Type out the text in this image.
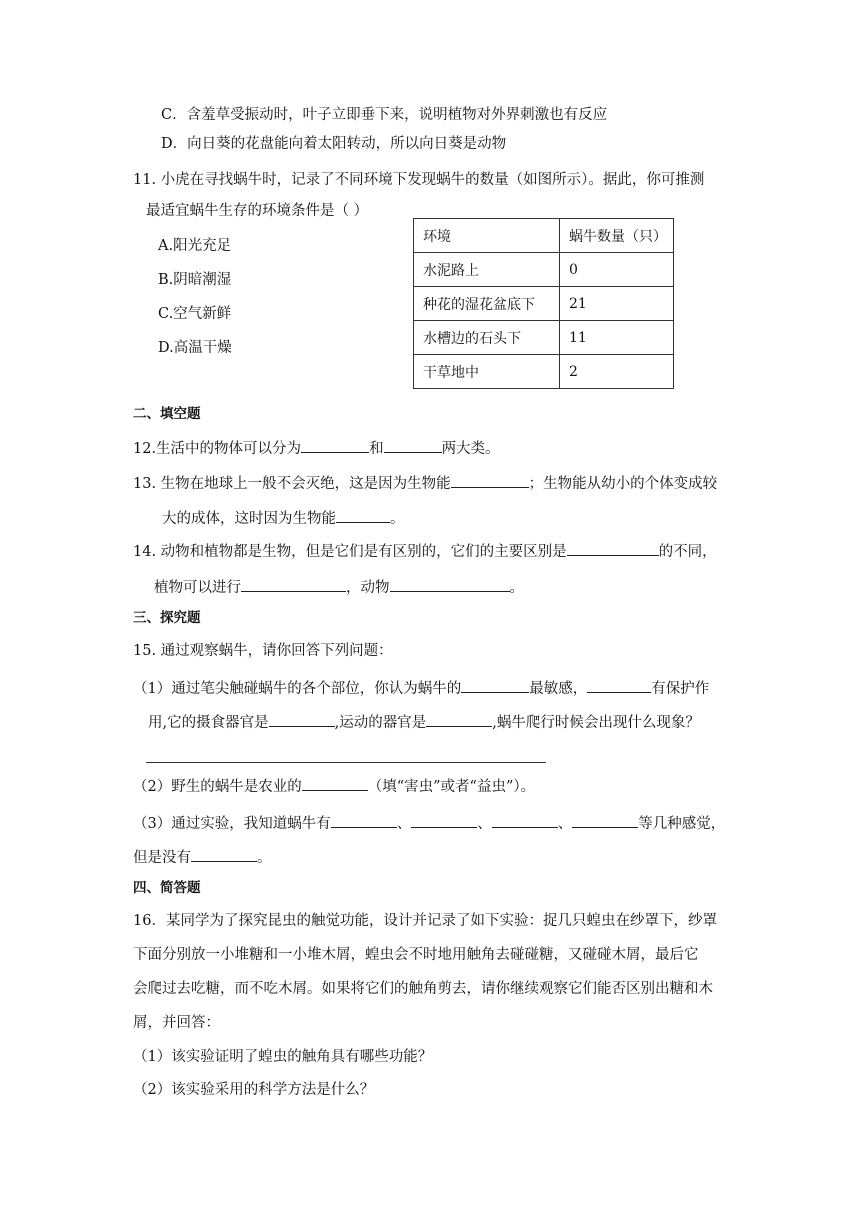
C．含羞草受振动时，叶子立即垂下来，说明植物对外界刺激也有反应
D．向日葵的花盘能向着太阳转动，所以向日葵是动物
11. 小虎在寻找蜗牛时，记录了不同环境下发现蜗牛的数量（如图所示）。据此，你可推测
最适宜蜗牛生存的环境条件是（ ）
A.阳光充足
B.阴暗潮湿
C.空气新鲜
D.高温干燥
环境	蜗牛数量（只）
水泥路上	0
种花的湿花盆底下	21
水槽边的石头下	11
干草地中	2
二、填空题
12.生活中的物体可以分为	和	两大类。
13. 生物在地球上一般不会灭绝，这是因为生物能	；生物能从幼小的个体变成较
大的成体，这时因为生物能	。
14. 动物和植物都是生物，但是它们是有区别的，它们的主要区别是	的不同，
植物可以进行	，动物	。
三、探究题
15. 通过观察蜗牛，请你回答下列问题：
（1）通过笔尖触碰蜗牛的各个部位，你认为蜗牛的	最敏感，	有保护作
用,它的摄食器官是	,运动的器官是	,蜗牛爬行时候会出现什么现象？
（2）野生的蜗牛是农业的	（填“害虫”或者“益虫”）。
（3）通过实验，我知道蜗牛有	、	、	、	等几种感觉，
但是没有	。
四、简答题
16．某同学为了探究昆虫的触觉功能，设计并记录了如下实验：捉几只蝗虫在纱罩下，纱罩
下面分别放一小堆糖和一小堆木屑，蝗虫会不时地用触角去碰碰糖，又碰碰木屑，最后它
会爬过去吃糖，而不吃木屑。如果将它们的触角剪去，请你继续观察它们能否区别出糖和木
屑，并回答：
（1）该实验证明了蝗虫的触角具有哪些功能？
（2）该实验采用的科学方法是什么？
